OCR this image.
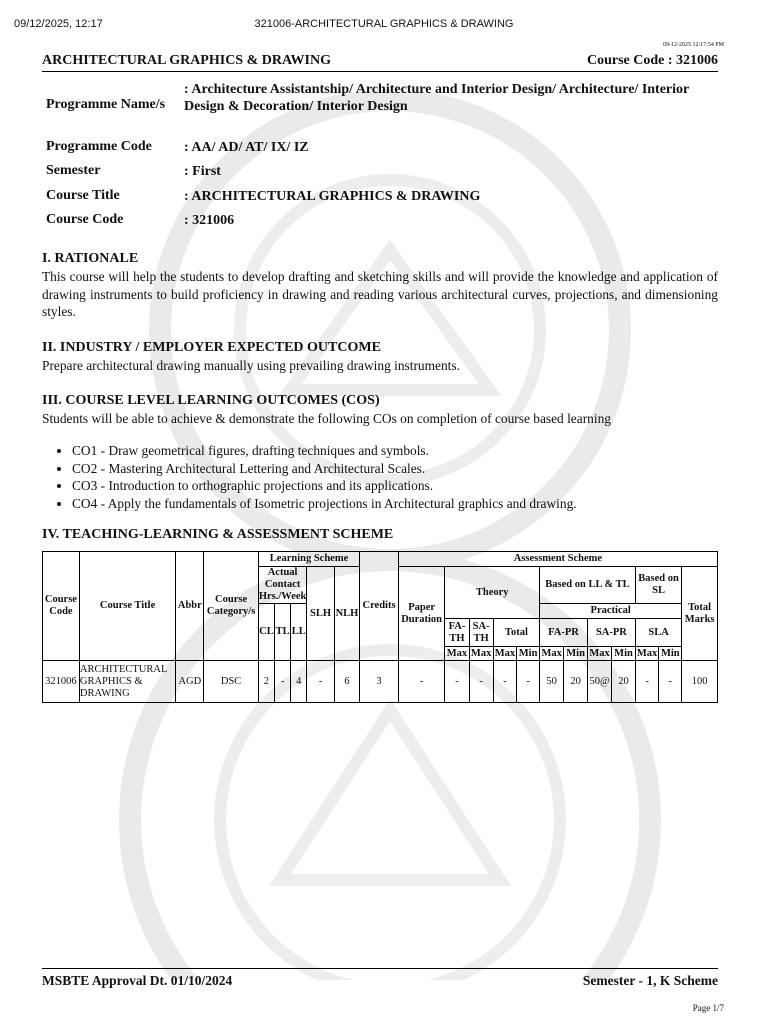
09/12/2025, 12:17	321006-ARCHITECTURAL GRAPHICS & DRAWING
09-12-2025 12:17:54 PM
ARCHITECTURAL GRAPHICS & DRAWING	Course Code : 321006
Programme Name/s
: Architecture Assistantship/ Architecture and Interior Design/ Architecture/ Interior Design & Decoration/ Interior Design
Programme Code : AA/ AD/ AT/ IX/ IZ
Semester	: First
Course Title	: ARCHITECTURAL GRAPHICS & DRAWING
Course Code	: 321006
I. RATIONALE
This course will help the students to develop drafting and sketching skills and will provide the knowledge and application of drawing instruments to build proficiency in drawing and reading various architectural curves, projections, and dimensioning styles.
II. INDUSTRY / EMPLOYER EXPECTED OUTCOME
Prepare architectural drawing manually using prevailing drawing instruments.
III. COURSE LEVEL LEARNING OUTCOMES (COS)
Students will be able to achieve & demonstrate the following COs on completion of course based learning
• CO1 - Draw geometrical figures, drafting techniques and symbols.
• CO2 - Mastering Architectural Lettering and Architectural Scales.
• CO3 - Introduction to orthographic projections and its applications.
• CO4 - Apply the fundamentals of Isometric projections in Architectural graphics and drawing.
IV. TEACHING-LEARNING & ASSESSMENT SCHEME
Course Code	Course Title	Abbr	Course Category/s	Learning Scheme					Credits	Assessment Scheme											
				Actual Contact Hrs./Week			SLH	NLH		Paper Duration	Theory				Based on LL & TL				Based on SL		Total Marks
				CL	TL	LL									Practical						
											FA-TH	SA-TH	Total		FA-PR		SA-PR		SLA		
											Max	Max	Max	Min	Max	Min	Max	Min	Max	Min	
321006	ARCHITECTURAL GRAPHICS & DRAWING	AGD	DSC	2	-	4	-	6	3	-	-	-	-	-	50	20	50@	20	-	-	100
MSBTE Approval Dt. 01/10/2024	Semester - 1, K Scheme
Page 1/7
